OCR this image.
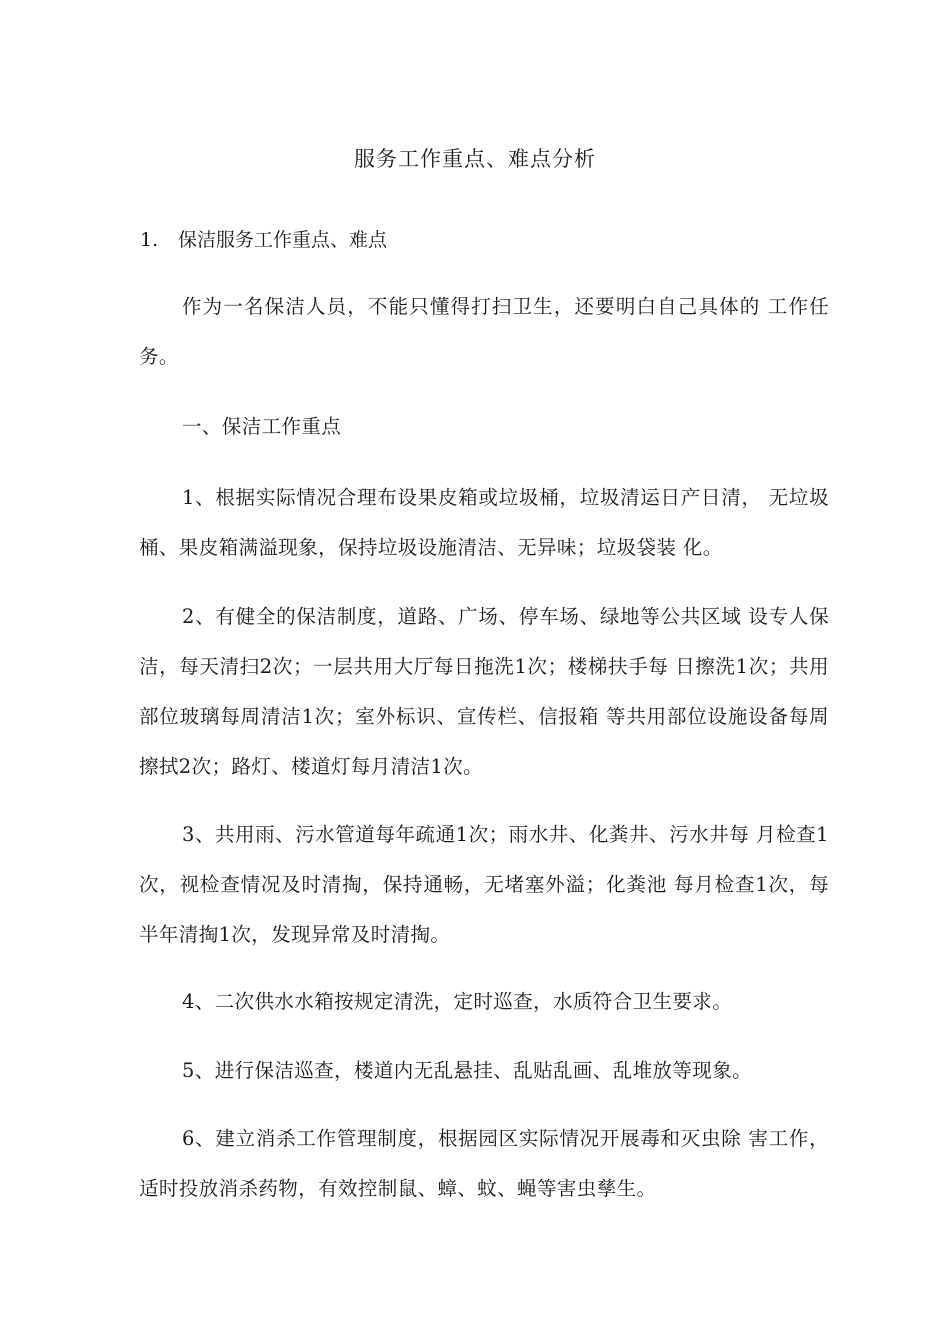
服务工作重点、难点分析
1. 保洁服务工作重点、难点

作为一名保洁人员，不能只懂得打扫卫生，还要明白自己具体的 工作任务。

一、保洁工作重点

1、根据实际情况合理布设果皮箱或垃圾桶，垃圾清运日产日清， 无垃圾桶、果皮箱满溢现象，保持垃圾设施清洁、无异味；垃圾袋装 化。

2、有健全的保洁制度，道路、广场、停车场、绿地等公共区域 设专人保洁，每天清扫2次；一层共用大厅每日拖洗1次；楼梯扶手每 日擦洗1次；共用部位玻璃每周清洁1次；室外标识、宣传栏、信报箱 等共用部位设施设备每周擦拭2次；路灯、楼道灯每月清洁1次。

3、共用雨、污水管道每年疏通1次；雨水井、化粪井、污水井每 月检查1次，视检查情况及时清掏，保持通畅，无堵塞外溢；化粪池 每月检查1次，每半年清掏1次，发现异常及时清掏。

4、二次供水水箱按规定清洗，定时巡查，水质符合卫生要求。

5、进行保洁巡查，楼道内无乱悬挂、乱贴乱画、乱堆放等现象。

6、建立消杀工作管理制度，根据园区实际情况开展毒和灭虫除 害工作，适时投放消杀药物，有效控制鼠、蟑、蚊、蝇等害虫孳生。
